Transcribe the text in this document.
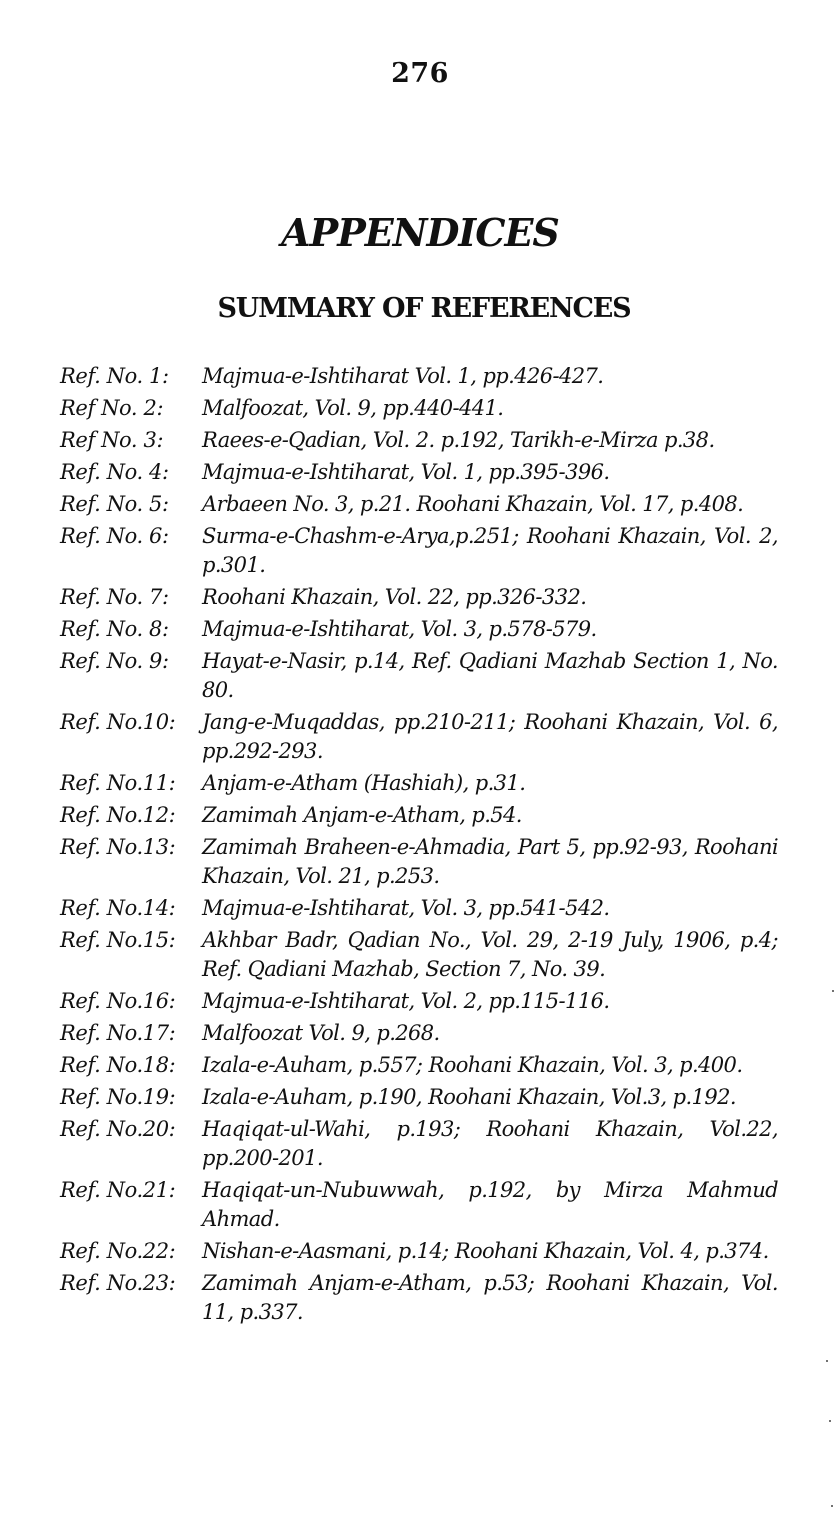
276
APPENDICES
SUMMARY OF REFERENCES
Ref. No. 1:	Majmua-e-Ishtiharat Vol. 1, pp.426-427.
Ref No. 2:	Malfoozat, Vol. 9, pp.440-441.
Ref No. 3:	Raees-e-Qadian, Vol. 2. p.192, Tarikh-e-Mirza p.38.
Ref. No. 4:	Majmua-e-Ishtiharat, Vol. 1, pp.395-396.
Ref. No. 5:	Arbaeen No. 3, p.21. Roohani Khazain, Vol. 17, p.408.
Ref. No. 6:	Surma-e-Chashm-e-Arya,p.251; Roohani Khazain, Vol. 2, p.301.
Ref. No. 7:	Roohani Khazain, Vol. 22, pp.326-332.
Ref. No. 8:	Majmua-e-Ishtiharat, Vol. 3, p.578-579.
Ref. No. 9:	Hayat-e-Nasir, p.14, Ref. Qadiani Mazhab Section 1, No. 80.
Ref. No.10:	Jang-e-Muqaddas, pp.210-211; Roohani Khazain, Vol. 6, pp.292-293.
Ref. No.11:	Anjam-e-Atham (Hashiah), p.31.
Ref. No.12:	Zamimah Anjam-e-Atham, p.54.
Ref. No.13:	Zamimah Braheen-e-Ahmadia, Part 5, pp.92-93, Roohani Khazain, Vol. 21, p.253.
Ref. No.14:	Majmua-e-Ishtiharat, Vol. 3, pp.541-542.
Ref. No.15:	Akhbar Badr, Qadian No., Vol. 29, 2-19 July, 1906, p.4; Ref. Qadiani Mazhab, Section 7, No. 39.
Ref. No.16:	Majmua-e-Ishtiharat, Vol. 2, pp.115-116.
Ref. No.17:	Malfoozat Vol. 9, p.268.
Ref. No.18:	Izala-e-Auham, p.557; Roohani Khazain, Vol. 3, p.400.
Ref. No.19:	Izala-e-Auham, p.190, Roohani Khazain, Vol.3, p.192.
Ref. No.20:	Haqiqat-ul-Wahi, p.193; Roohani Khazain, Vol.22, pp.200-201.
Ref. No.21:	Haqiqat-un-Nubuwwah, p.192, by Mirza Mahmud Ahmad.
Ref. No.22:	Nishan-e-Aasmani, p.14; Roohani Khazain, Vol. 4, p.374.
Ref. No.23:	Zamimah Anjam-e-Atham, p.53; Roohani Khazain, Vol. 11, p.337.
